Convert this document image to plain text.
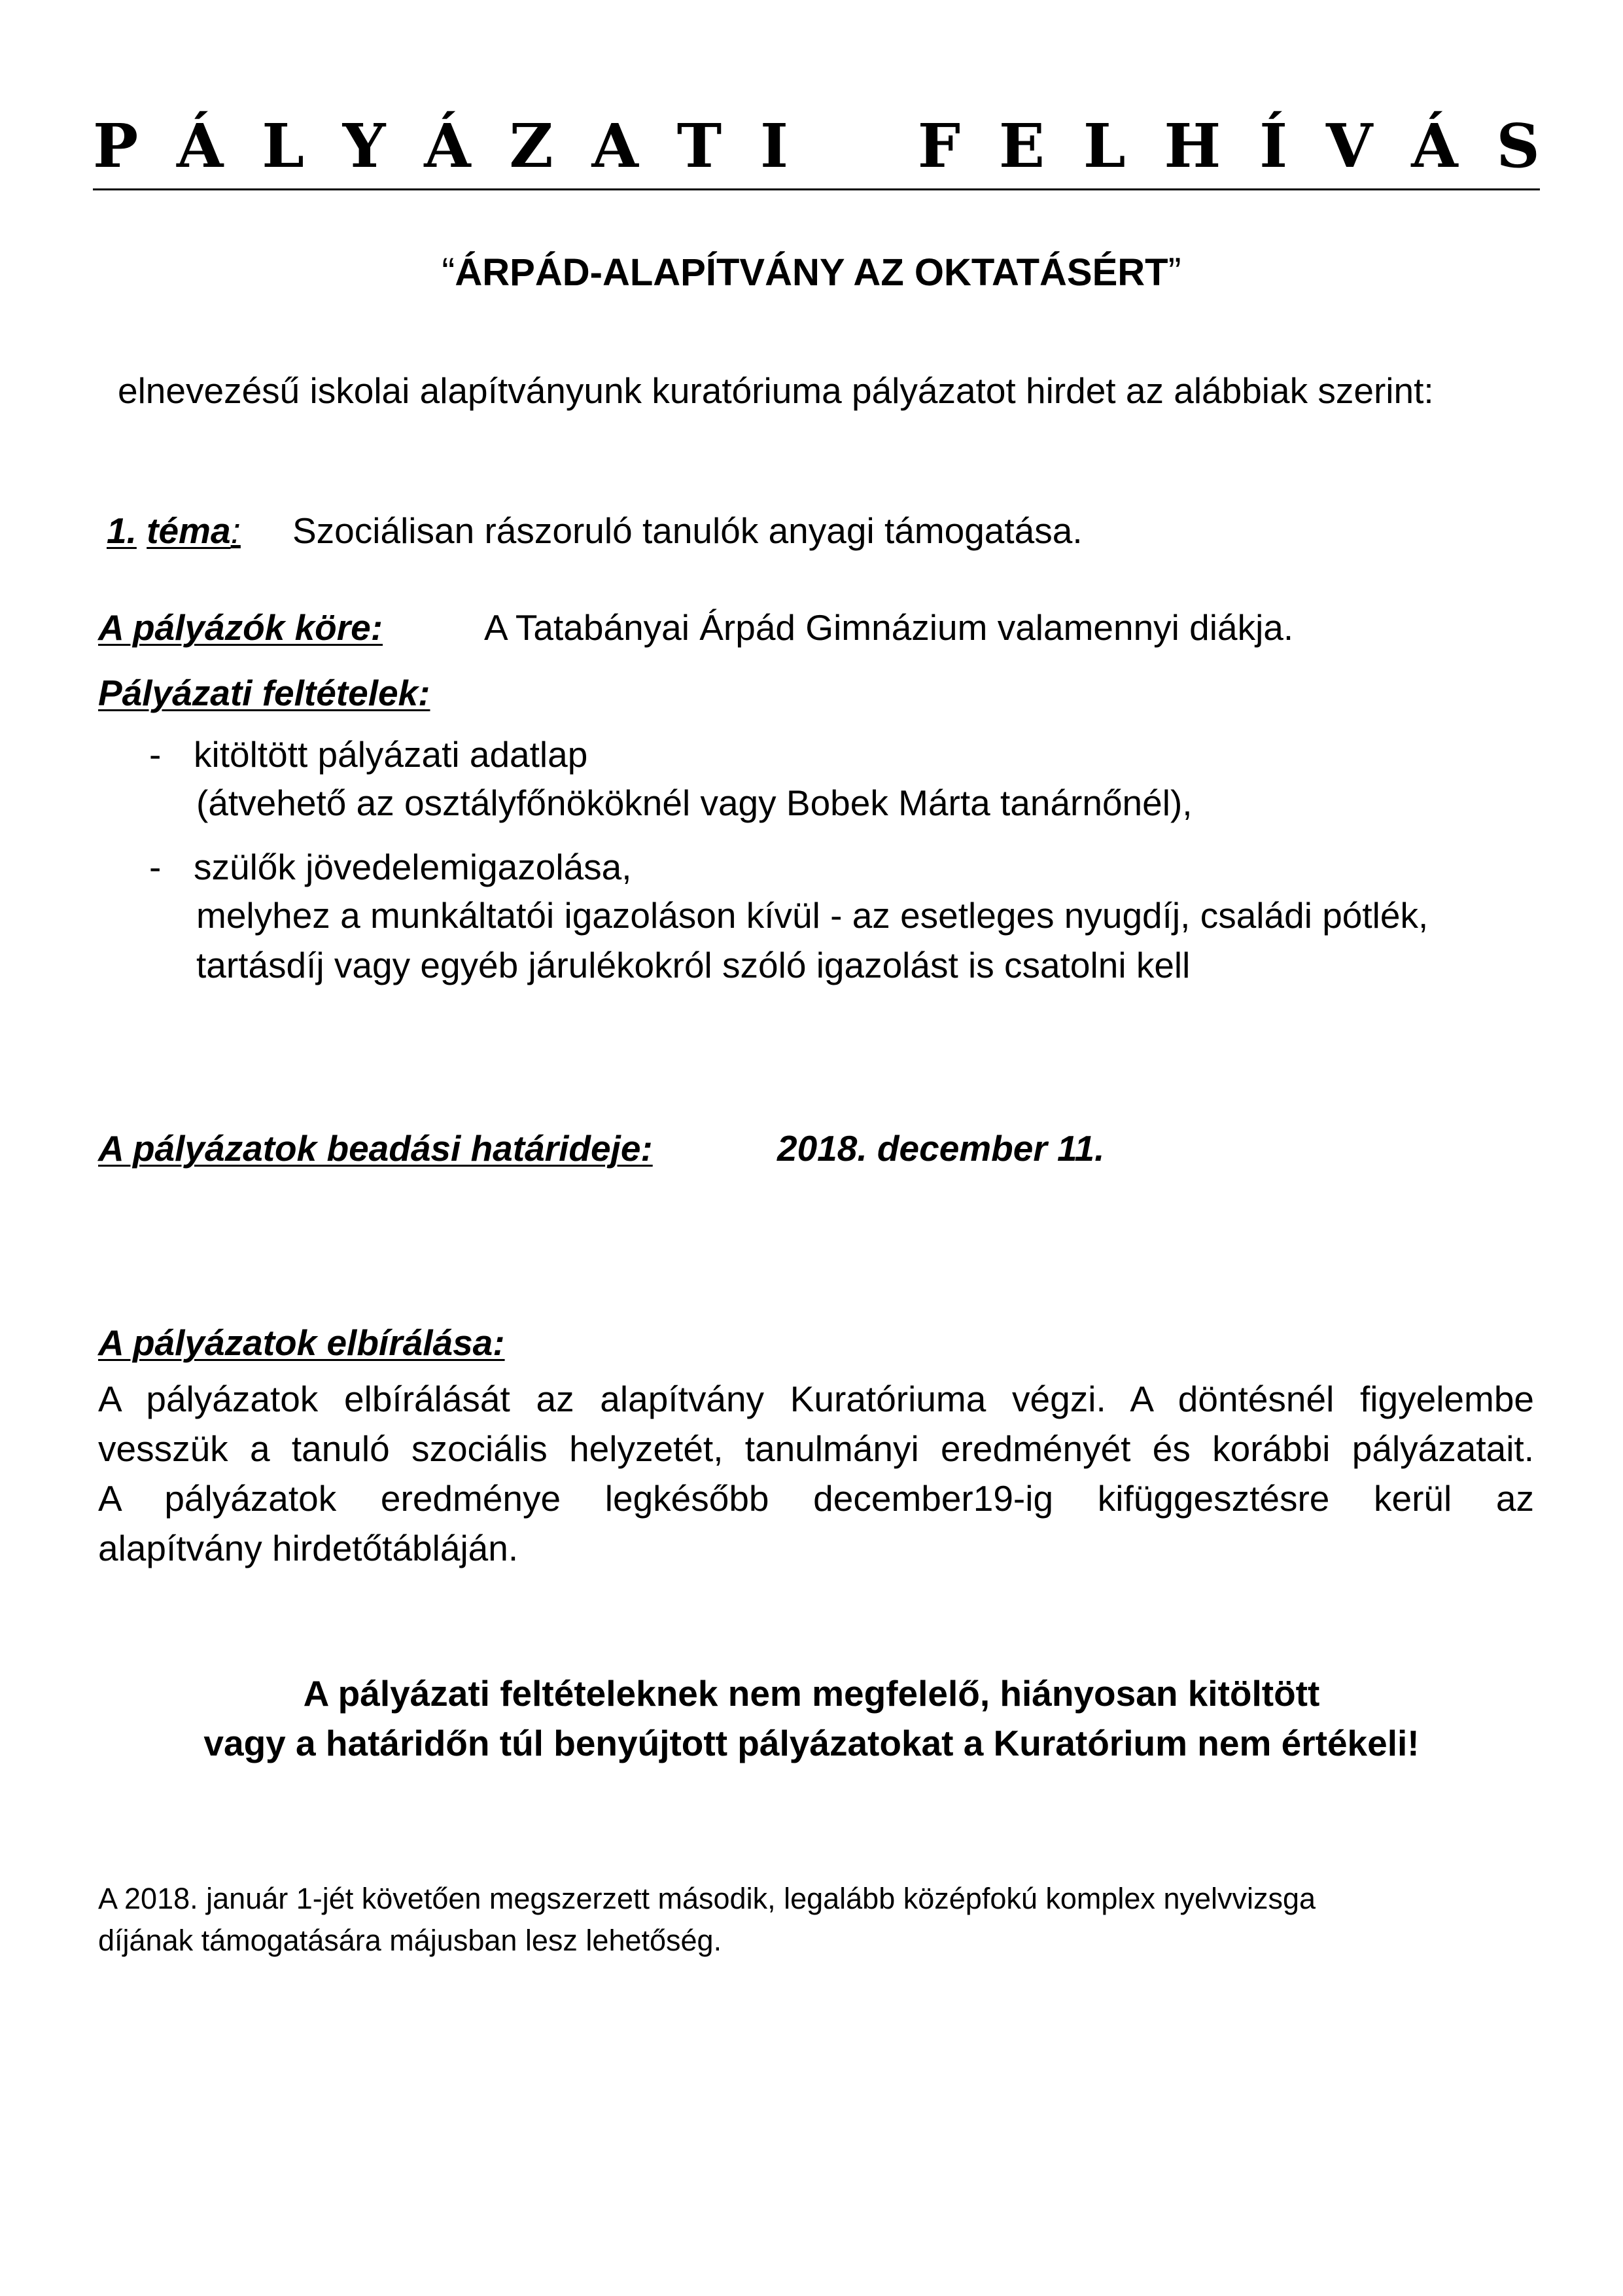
P Á L Y Á Z A T I F E L H Í V Á S
“ÁRPÁD-ALAPÍTVÁNY AZ OKTATÁSÉRT”
elnevezésű iskolai alapítványunk kuratóriuma pályázatot hirdet az alábbiak szerint:
1. téma: Szociálisan rászoruló tanulók anyagi támogatása.
A pályázók köre:	A Tatabányai Árpád Gimnázium valamennyi diákja.
Pályázati feltételek:
- kitöltött pályázati adatlap
(átvehető az osztályfőnököknél vagy Bobek Márta tanárnőnél),
- szülők jövedelemigazolása,
melyhez a munkáltatói igazoláson kívül - az esetleges nyugdíj, családi pótlék,
tartásdíj vagy egyéb járulékokról szóló igazolást is csatolni kell
A pályázatok beadási határideje:	2018. december 11.
A pályázatok elbírálása:
A pályázatok elbírálását az alapítvány Kuratóriuma végzi. A döntésnél figyelembe
vesszük a tanuló szociális helyzetét, tanulmányi eredményét és korábbi pályázatait.
A pályázatok eredménye legkésőbb december19-ig kifüggesztésre kerül az
alapítvány hirdetőtábláján.
A pályázati feltételeknek nem megfelelő, hiányosan kitöltött
vagy a határidőn túl benyújtott pályázatokat a Kuratórium nem értékeli!
A 2018. január 1-jét követően megszerzett második, legalább középfokú komplex nyelvvizsga
díjának támogatására májusban lesz lehetőség.
